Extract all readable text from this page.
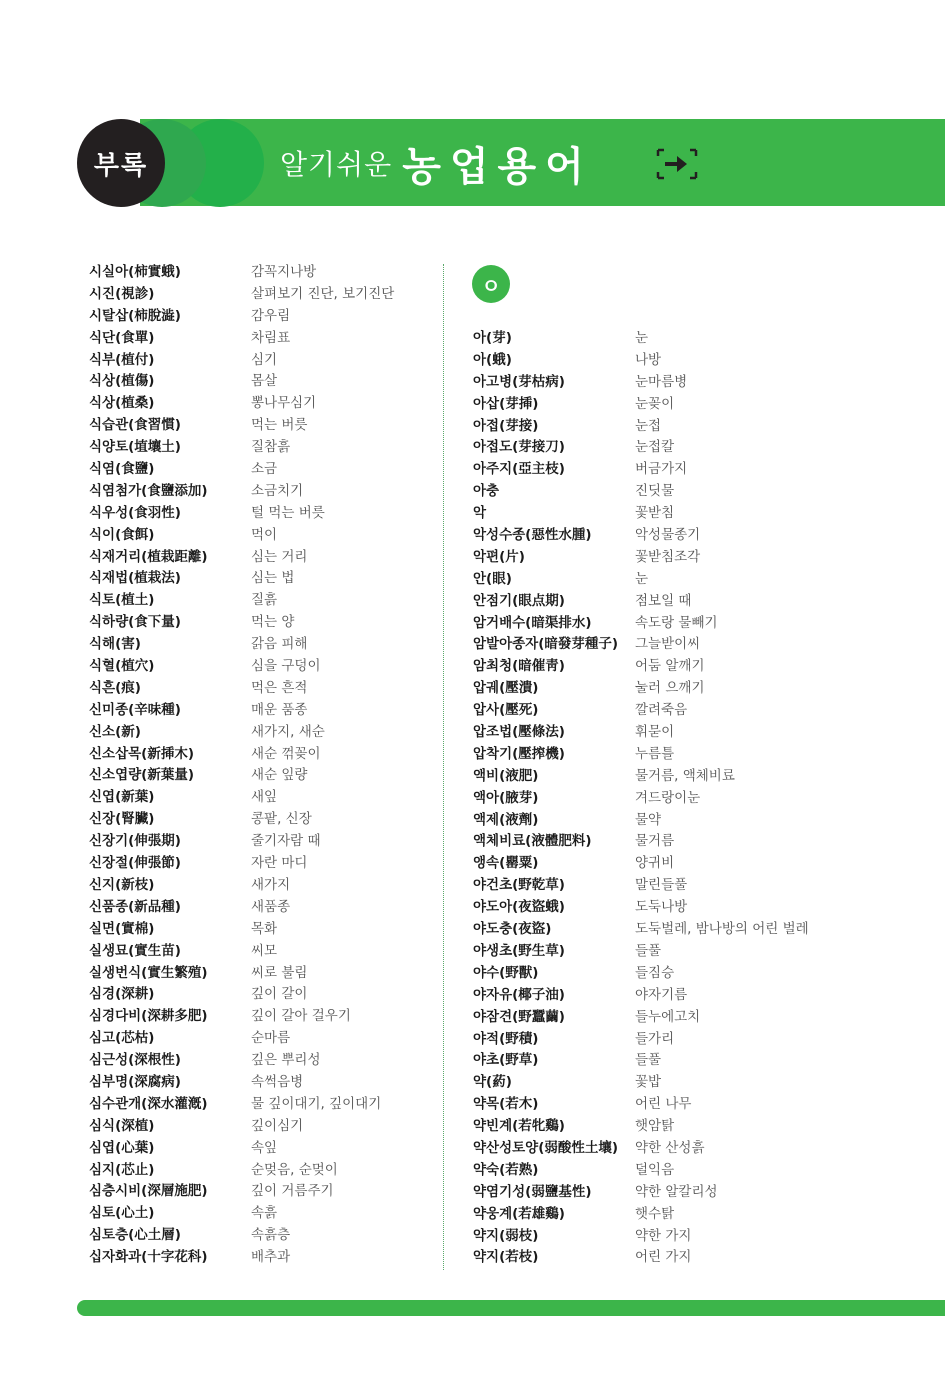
부록	알기쉬운 농업용어
시실아(柿實蛾)	감꼭지나방
시진(視診)	살펴보기 진단, 보기진단
시탈삽(柿脫澁)	감우림
식단(食單)	차림표
식부(植付)	심기
식상(植傷)	몸살
식상(植桑)	뽕나무심기
식습관(食習慣)	먹는 버릇
식양토(埴壤土)	질참흙
식염(食鹽)	소금
식염첨가(食鹽添加)	소금치기
식우성(食羽性)	털 먹는 버릇
식이(食餌)	먹이
식재거리(植栽距離)	심는 거리
식재법(植栽法)	심는 법
식토(植土)	질흙
식하량(食下量)	먹는 양
식해(害)	갉음 피해
식혈(植穴)	심을 구덩이
식흔(痕)	먹은 흔적
신미종(辛味種)	매운 품종
신소(新)	새가지, 새순
신소삽목(新揷木)	새순 꺾꽂이
신소엽량(新葉量)	새순 잎량
신엽(新葉)	새잎
신장(腎臟)	콩팥, 신장
신장기(伸張期)	줄기자람 때
신장절(伸張節)	자란 마디
신지(新枝)	새가지
신품종(新品種)	새품종
실면(實棉)	목화
실생묘(實生苗)	씨모
실생번식(實生繁殖)	씨로 불림
심경(深耕)	깊이 갈이
심경다비(深耕多肥)	깊이 갈아 걸우기
심고(芯枯)	순마름
심근성(深根性)	깊은 뿌리성
심부명(深腐病)	속썩음병
심수관개(深水灌漑)	물 깊이대기, 깊이대기
심식(深植)	깊이심기
심엽(心葉)	속잎
심지(芯止)	순멎음, 순멎이
심층시비(深層施肥)	깊이 거름주기
심토(心土)	속흙
심토층(心土層)	속흙층
십자화과(十字花科)	배추과
ㅇ
아(芽)	눈
아(蛾)	나방
아고병(芽枯病)	눈마름병
아삽(芽揷)	눈꽂이
아접(芽接)	눈접
아접도(芽接刀)	눈접칼
아주지(亞主枝)	버금가지
아충	진딧물
악	꽃받침
악성수종(惡性水腫)	악성물종기
악편(片)	꽃받침조각
안(眼)	눈
안점기(眼点期)	점보일 때
암거배수(暗渠排水)	속도랑 물빼기
암발아종자(暗發芽種子) 그늘받이씨
암최청(暗催靑)	어둠 알깨기
압궤(壓潰)	눌러 으깨기
압사(壓死)	깔려죽음
압조법(壓條法)	휘묻이
압착기(壓搾機)	누름틀
액비(液肥)	물거름, 액체비료
액아(腋芽)	겨드랑이눈
액제(液劑)	물약
액체비료(液體肥料)	물거름
앵속(罌粟)	양귀비
야건초(野乾草)	말린들풀
야도아(夜盜蛾)	도둑나방
야도충(夜盜)	도둑벌레, 밤나방의 어린 벌레
야생초(野生草)	들풀
야수(野獸)	들짐승
야자유(椰子油)	야자기름
야잠견(野蠶繭)	들누에고치
야적(野積)	들가리
야초(野草)	들풀
약(葯)	꽃밥
약목(若木)	어린 나무
약빈계(若牝鷄)	햇암탉
약산성토양(弱酸性土壤) 약한 산성흙
약숙(若熟)	덜익음
약염기성(弱鹽基性)	약한 알칼리성
약웅계(若雄鷄)	햇수탉
약지(弱枝)	약한 가지
약지(若枝)	어린 가지
